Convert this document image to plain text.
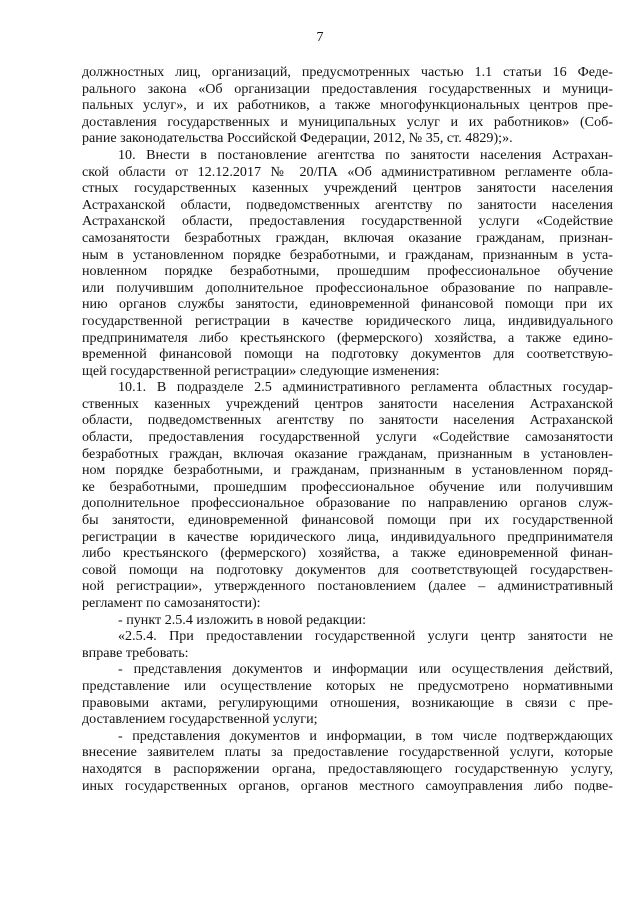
7
должностных лиц, организаций, предусмотренных частью 1.1 статьи 16 Феде-
рального закона «Об организации предоставления государственных и муници-
пальных услуг», и их работников, а также многофункциональных центров пре-
доставления государственных и муниципальных услуг и их работников» (Соб-
рание законодательства Российской Федерации, 2012, № 35, ст. 4829);».
10. Внести в постановление агентства по занятости населения Астрахан-
ской области от 12.12.2017 № 20/ПА «Об административном регламенте обла-
стных государственных казенных учреждений центров занятости населения
Астраханской области, подведомственных агентству по занятости населения
Астраханской области, предоставления государственной услуги «Содействие
самозанятости безработных граждан, включая оказание гражданам, признан-
ным в установленном порядке безработными, и гражданам, признанным в уста-
новленном порядке безработными, прошедшим профессиональное обучение
или получившим дополнительное профессиональное образование по направле-
нию органов службы занятости, единовременной финансовой помощи при их
государственной регистрации в качестве юридического лица, индивидуального
предпринимателя либо крестьянского (фермерского) хозяйства, а также едино-
временной финансовой помощи на подготовку документов для соответствую-
щей государственной регистрации» следующие изменения:
10.1. В подразделе 2.5 административного регламента областных государ-
ственных казенных учреждений центров занятости населения Астраханской
области, подведомственных агентству по занятости населения Астраханской
области, предоставления государственной услуги «Содействие самозанятости
безработных граждан, включая оказание гражданам, признанным в установлен-
ном порядке безработными, и гражданам, признанным в установленном поряд-
ке безработными, прошедшим профессиональное обучение или получившим
дополнительное профессиональное образование по направлению органов служ-
бы занятости, единовременной финансовой помощи при их государственной
регистрации в качестве юридического лица, индивидуального предпринимателя
либо крестьянского (фермерского) хозяйства, а также единовременной финан-
совой помощи на подготовку документов для соответствующей государствен-
ной регистрации», утвержденного постановлением (далее – административный
регламент по самозанятости):
- пункт 2.5.4 изложить в новой редакции:
«2.5.4. При предоставлении государственной услуги центр занятости не
вправе требовать:
- представления документов и информации или осуществления действий,
представление или осуществление которых не предусмотрено нормативными
правовыми актами, регулирующими отношения, возникающие в связи с пре-
доставлением государственной услуги;
- представления документов и информации, в том числе подтверждающих
внесение заявителем платы за предоставление государственной услуги, которые
находятся в распоряжении органа, предоставляющего государственную услугу,
иных государственных органов, органов местного самоуправления либо подве-
